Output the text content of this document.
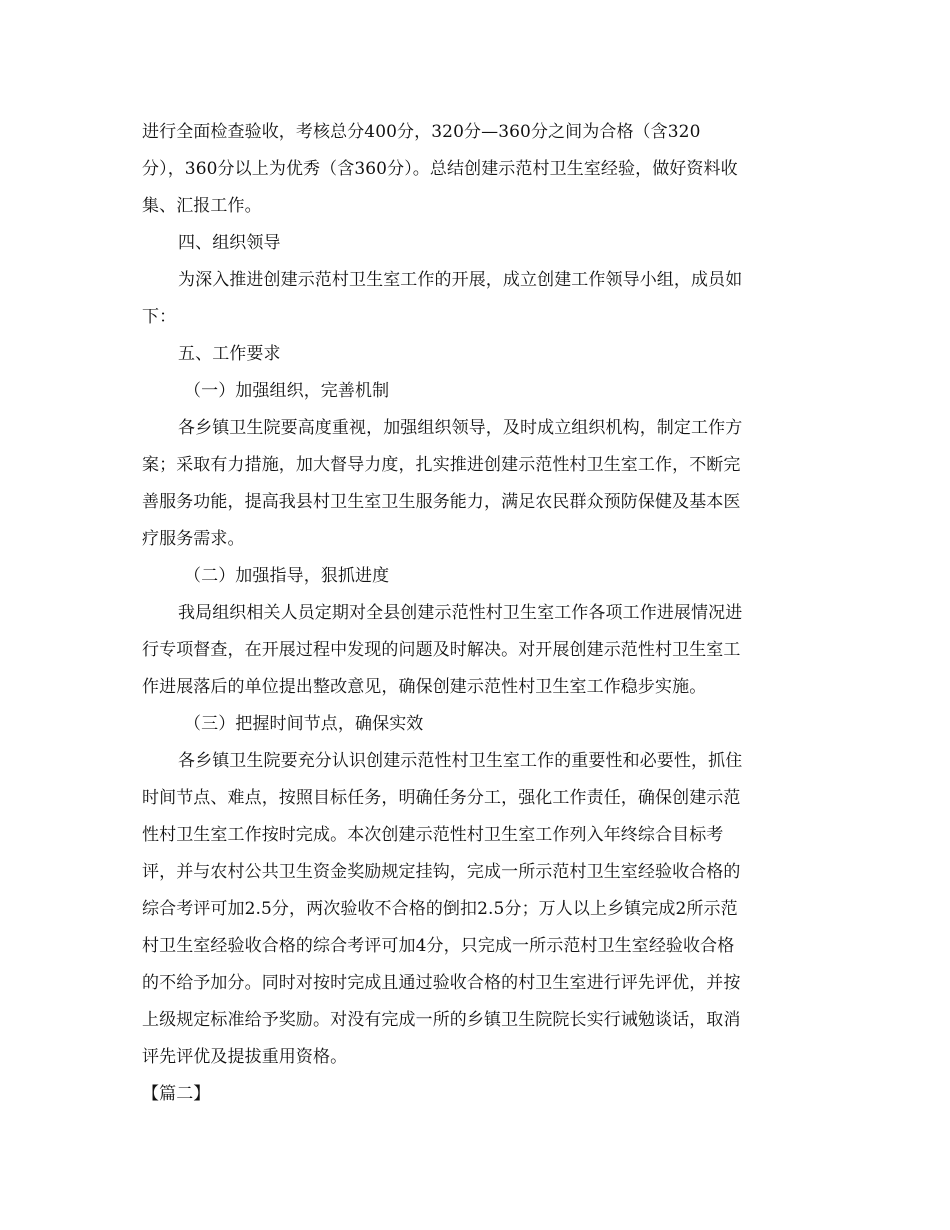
进行全面检查验收，考核总分400分，320分—360分之间为合格（含320
分），360分以上为优秀（含360分）。总结创建示范村卫生室经验，做好资料收
集、汇报工作。
四、组织领导
为深入推进创建示范村卫生室工作的开展，成立创建工作领导小组，成员如
下：
五、工作要求
（一）加强组织，完善机制
各乡镇卫生院要高度重视，加强组织领导，及时成立组织机构，制定工作方
案；采取有力措施，加大督导力度，扎实推进创建示范性村卫生室工作，不断完
善服务功能，提高我县村卫生室卫生服务能力，满足农民群众预防保健及基本医
疗服务需求。
（二）加强指导，狠抓进度
我局组织相关人员定期对全县创建示范性村卫生室工作各项工作进展情况进
行专项督查，在开展过程中发现的问题及时解决。对开展创建示范性村卫生室工
作进展落后的单位提出整改意见，确保创建示范性村卫生室工作稳步实施。
（三）把握时间节点，确保实效
各乡镇卫生院要充分认识创建示范性村卫生室工作的重要性和必要性，抓住
时间节点、难点，按照目标任务，明确任务分工，强化工作责任，确保创建示范
性村卫生室工作按时完成。本次创建示范性村卫生室工作列入年终综合目标考
评，并与农村公共卫生资金奖励规定挂钩，完成一所示范村卫生室经验收合格的
综合考评可加2.5分，两次验收不合格的倒扣2.5分；万人以上乡镇完成2所示范
村卫生室经验收合格的综合考评可加4分，只完成一所示范村卫生室经验收合格
的不给予加分。同时对按时完成且通过验收合格的村卫生室进行评先评优，并按
上级规定标准给予奖励。对没有完成一所的乡镇卫生院院长实行诫勉谈话，取消
评先评优及提拔重用资格。
【篇二】
